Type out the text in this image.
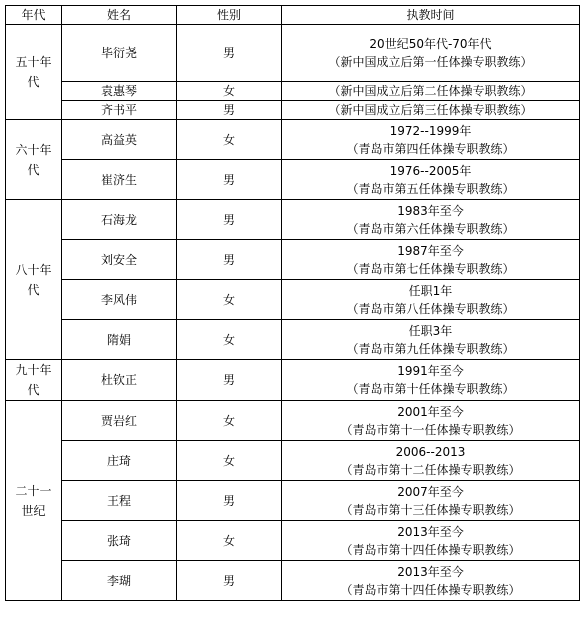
年代	姓名	性别	执教时间

五十年
代	毕衍尧	男	20世纪50年代-70年代
（新中国成立后第一任体操专职教练）

	袁惠琴	女	（新中国成立后第二任体操专职教练）

	齐书平	男	（新中国成立后第三任体操专职教练）

六十年
代	高益英	女	1972--1999年
（青岛市第四任体操专职教练）

	崔济生	男	1976--2005年
（青岛市第五任体操专职教练）

八十年
代	石海龙	男	1983年至今
（青岛市第六任体操专职教练）

	刘安全	男	1987年至今
（青岛市第七任体操专职教练）

	李风伟	女	任职1年
（青岛市第八任体操专职教练）

	隋娟	女	任职3年
（青岛市第九任体操专职教练）

九十年
代	杜钦正	男	1991年至今
（青岛市第十任体操专职教练）

二十一
世纪	贾岩红	女	2001年至今
（青岛市第十一任体操专职教练）

	庄琦	女	2006--2013
（青岛市第十二任体操专职教练）

	王程	男	2007年至今
（青岛市第十三任体操专职教练）

	张琦	女	2013年至今
（青岛市第十四任体操专职教练）

	李瑚	男	2013年至今
（青岛市第十四任体操专职教练）
